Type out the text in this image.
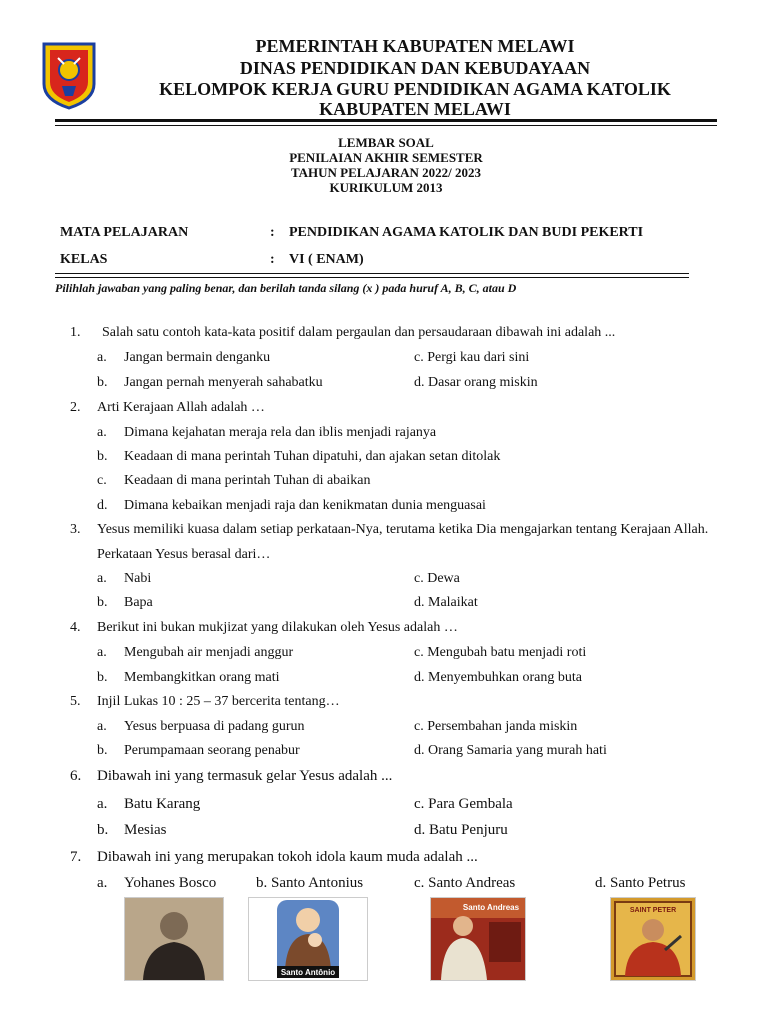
PEMERINTAH KABUPATEN MELAWI
DINAS PENDIDIKAN DAN KEBUDAYAAN
KELOMPOK KERJA GURU PENDIDIKAN AGAMA KATOLIK
KABUPATEN MELAWI
LEMBAR SOAL
PENILAIAN AKHIR SEMESTER
TAHUN PELAJARAN 2022/ 2023
KURIKULUM 2013
MATA PELAJARAN	: PENDIDIKAN AGAMA KATOLIK DAN BUDI PEKERTI
KELAS	: VI ( ENAM)
Pilihlah jawaban yang paling benar, dan berilah tanda silang (x ) pada huruf A, B, C, atau D
1. Salah satu contoh kata-kata positif dalam pergaulan dan persaudaraan dibawah ini adalah ...
a. Jangan bermain denganku	c. Pergi kau dari sini
b. Jangan pernah menyerah sahabatku	d. Dasar orang miskin
2. Arti Kerajaan Allah adalah …
a. Dimana kejahatan meraja rela dan iblis menjadi rajanya
b. Keadaan di mana perintah Tuhan dipatuhi, dan ajakan setan ditolak
c. Keadaan di mana perintah Tuhan di abaikan
d. Dimana kebaikan menjadi raja dan kenikmatan dunia menguasai
3. Yesus memiliki kuasa dalam setiap perkataan-Nya, terutama ketika Dia mengajarkan tentang Kerajaan Allah.
Perkataan Yesus berasal dari…
a. Nabi	c. Dewa
b. Bapa	d. Malaikat
4. Berikut ini bukan mukjizat yang dilakukan oleh Yesus adalah …
a. Mengubah air menjadi anggur	c. Mengubah batu menjadi roti
b. Membangkitkan orang mati	d. Menyembuhkan orang buta
5. Injil Lukas 10 : 25 – 37 bercerita tentang…
a. Yesus berpuasa di padang gurun	c. Persembahan janda miskin
b. Perumpamaan seorang penabur	d. Orang Samaria yang murah hati
6. Dibawah ini yang termasuk gelar Yesus adalah ...
a. Batu Karang	c. Para Gembala
b. Mesias	d. Batu Penjuru
7. Dibawah ini yang merupakan tokoh idola kaum muda adalah ...
a. Yohanes Bosco	b. Santo Antonius	c. Santo Andreas	d. Santo Petrus
Santo Antônio
Santo Andreas	SAINT PETER
